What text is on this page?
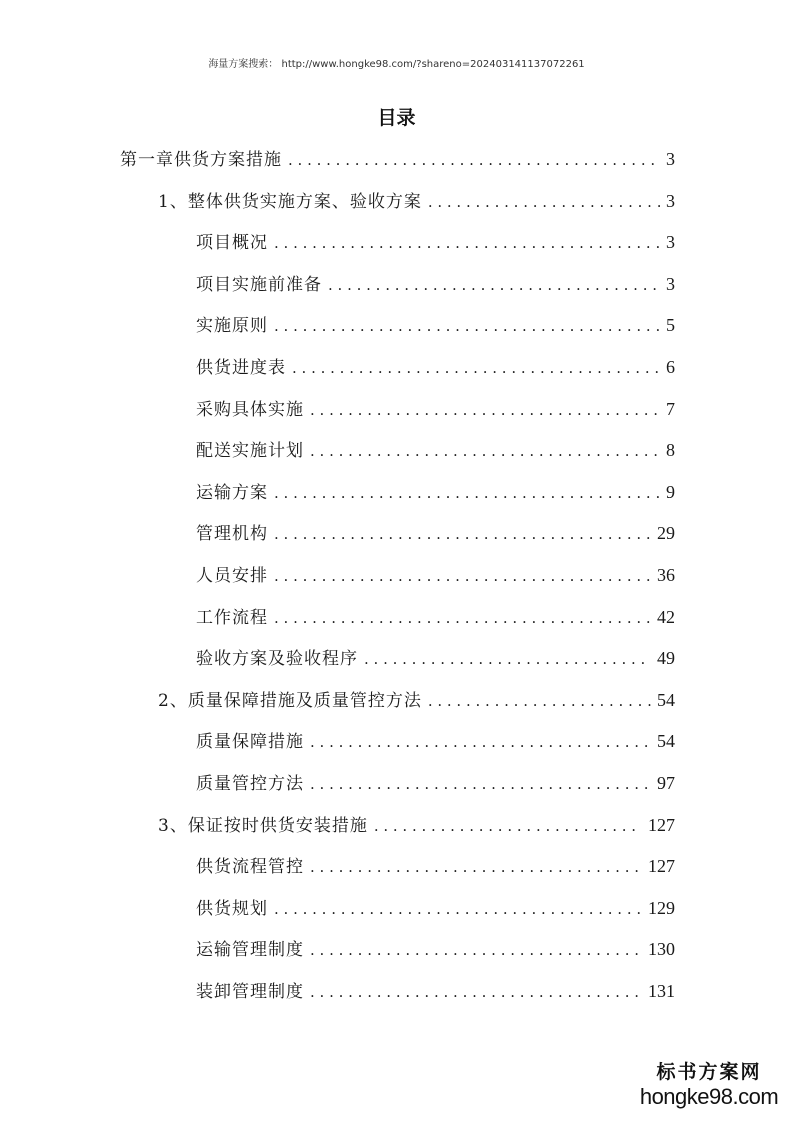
海量方案搜索： http://www.hongke98.com/?shareno=20240314113707226​1
目录
第一章供货方案措施 . . .	3
1、整体供货实施方案、验收方案 . . .	3
项目概况 . . .	3
项目实施前准备 . . .	3
实施原则 . . .	5
供货进度表 . . .	6
采购具体实施 . . .	7
配送实施计划 . . .	8
运输方案 . . .	9
管理机构 . . .	29
人员安排 . . .	36
工作流程 . . .	42
验收方案及验收程序 . . .	49
2、质量保障措施及质量管控方法 . . .	54
质量保障措施 . . .	54
质量管控方法 . . .	97
3、保证按时供货安装措施 . . .	127
供货流程管控 . . .	127
供货规划 . . .	129
运输管理制度 . . .	130
装卸管理制度 . . .	131
标书方案网
hongke98.com
